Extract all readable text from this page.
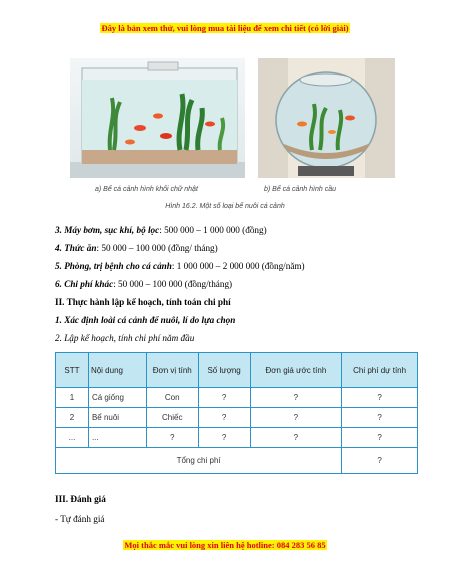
Đây là bản xem thử, vui lòng mua tài liệu để xem chi tiết (có lời giải)
a) Bể cá cảnh hình khối chữ nhật	b) Bể cá cảnh hình cầu
Hình 16.2. Một số loại bể nuôi cá cảnh
3. Máy bơm, sục khí, bộ lọc: 500 000 – 1 000 000 (đồng)
4. Thức ăn: 50 000 – 100 000 (đồng/ tháng)
5. Phòng, trị bệnh cho cá cảnh: 1 000 000 – 2 000 000 (đồng/năm)
6. Chi phí khác: 50 000 – 100 000 (đồng/tháng)
II. Thực hành lập kế hoạch, tính toán chi phí
1. Xác định loài cá cảnh để nuôi, lí do lựa chọn
2. Lập kế hoạch, tính chi phí năm đầu
STT	Nội dung	Đơn vị tính	Số lượng	Đơn giá ước tính	Chi phí dự tính
1	Cá giống	Con	?	?	?
2	Bể nuôi	Chiếc	?	?	?
...	...	?	?	?	?
Tổng chi phí					?
III. Đánh giá
- Tự đánh giá
Mọi thắc mắc vui lòng xin liên hệ hotline: 084 283 56 85
